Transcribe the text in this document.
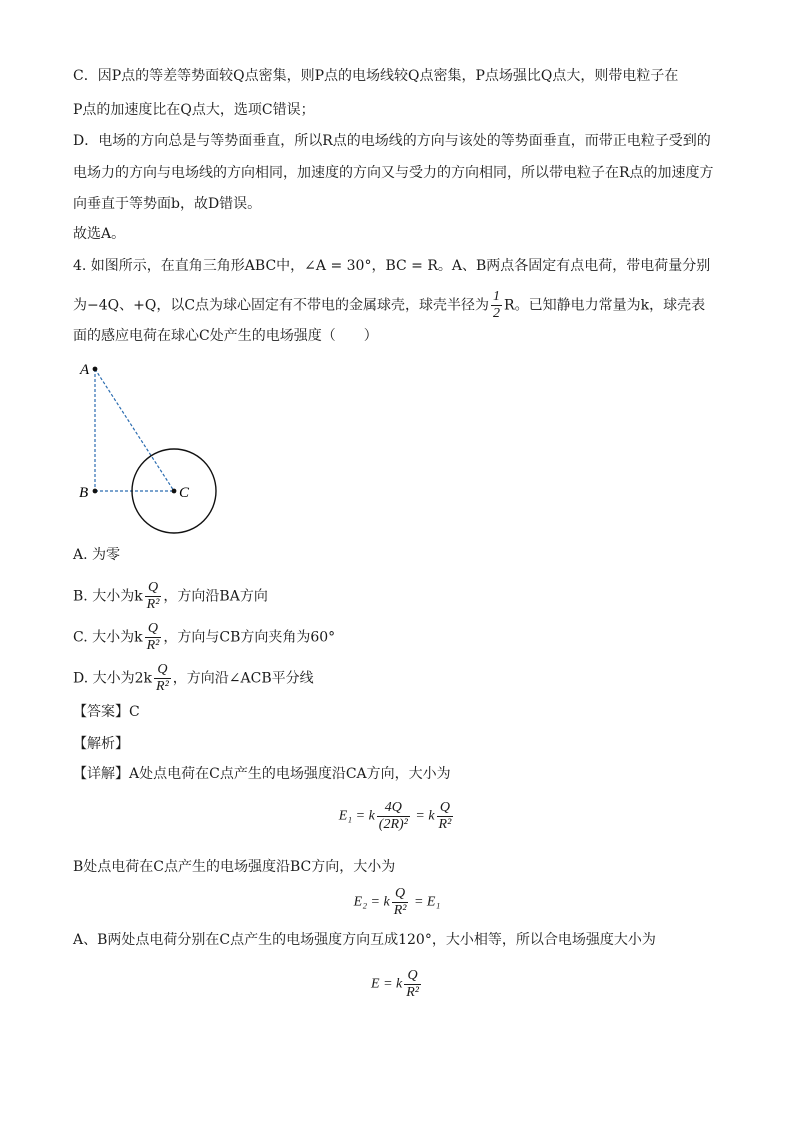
C．因P点的等差等势面较Q点密集，则P点的电场线较Q点密集，P点场强比Q点大，则带电粒子在
P点的加速度比在Q点大，选项C错误；
D．电场的方向总是与等势面垂直，所以R点的电场线的方向与该处的等势面垂直，而带正电粒子受到的
电场力的方向与电场线的方向相同，加速度的方向又与受力的方向相同，所以带电粒子在R点的加速度方
向垂直于等势面b，故D错误。
故选A。
4. 如图所示，在直角三角形ABC中，∠A = 30°，BC = R。A、B两点各固定有点电荷，带电荷量分别
为−4Q、+Q，以C点为球心固定有不带电的金属球壳，球壳半径为 $\frac{1}{2}$ R。已知静电力常量为k，球壳表
面的感应电荷在球心C处产生的电场强度（　　）
A
B	C
A. 为零
B. 大小为k $\frac{Q}{\text{R²}}$ ，方向沿BA方向
C. 大小为k $\frac{Q}{\text{R²}}$ ，方向与CB方向夹角为60°
D. 大小为$2k \frac{Q}{\text{R²}}$ ，方向沿∠ACB平分线
【答案】C
【解析】
【详解】A处点电荷在C点产生的电场强度沿CA方向，大小为
E₁ = k $\frac{4Q}{\text{(2R)²}} = k \frac{Q}{\text{R²}}$
B处点电荷在C点产生的电场强度沿BC方向，大小为
E₂ = k $\frac{Q}{\text{R²}} = E_1$
A、B两处点电荷分别在C点产生的电场强度方向互成120°，大小相等，所以合电场强度大小为
E = k $\frac{Q}{\text{R²}}$
